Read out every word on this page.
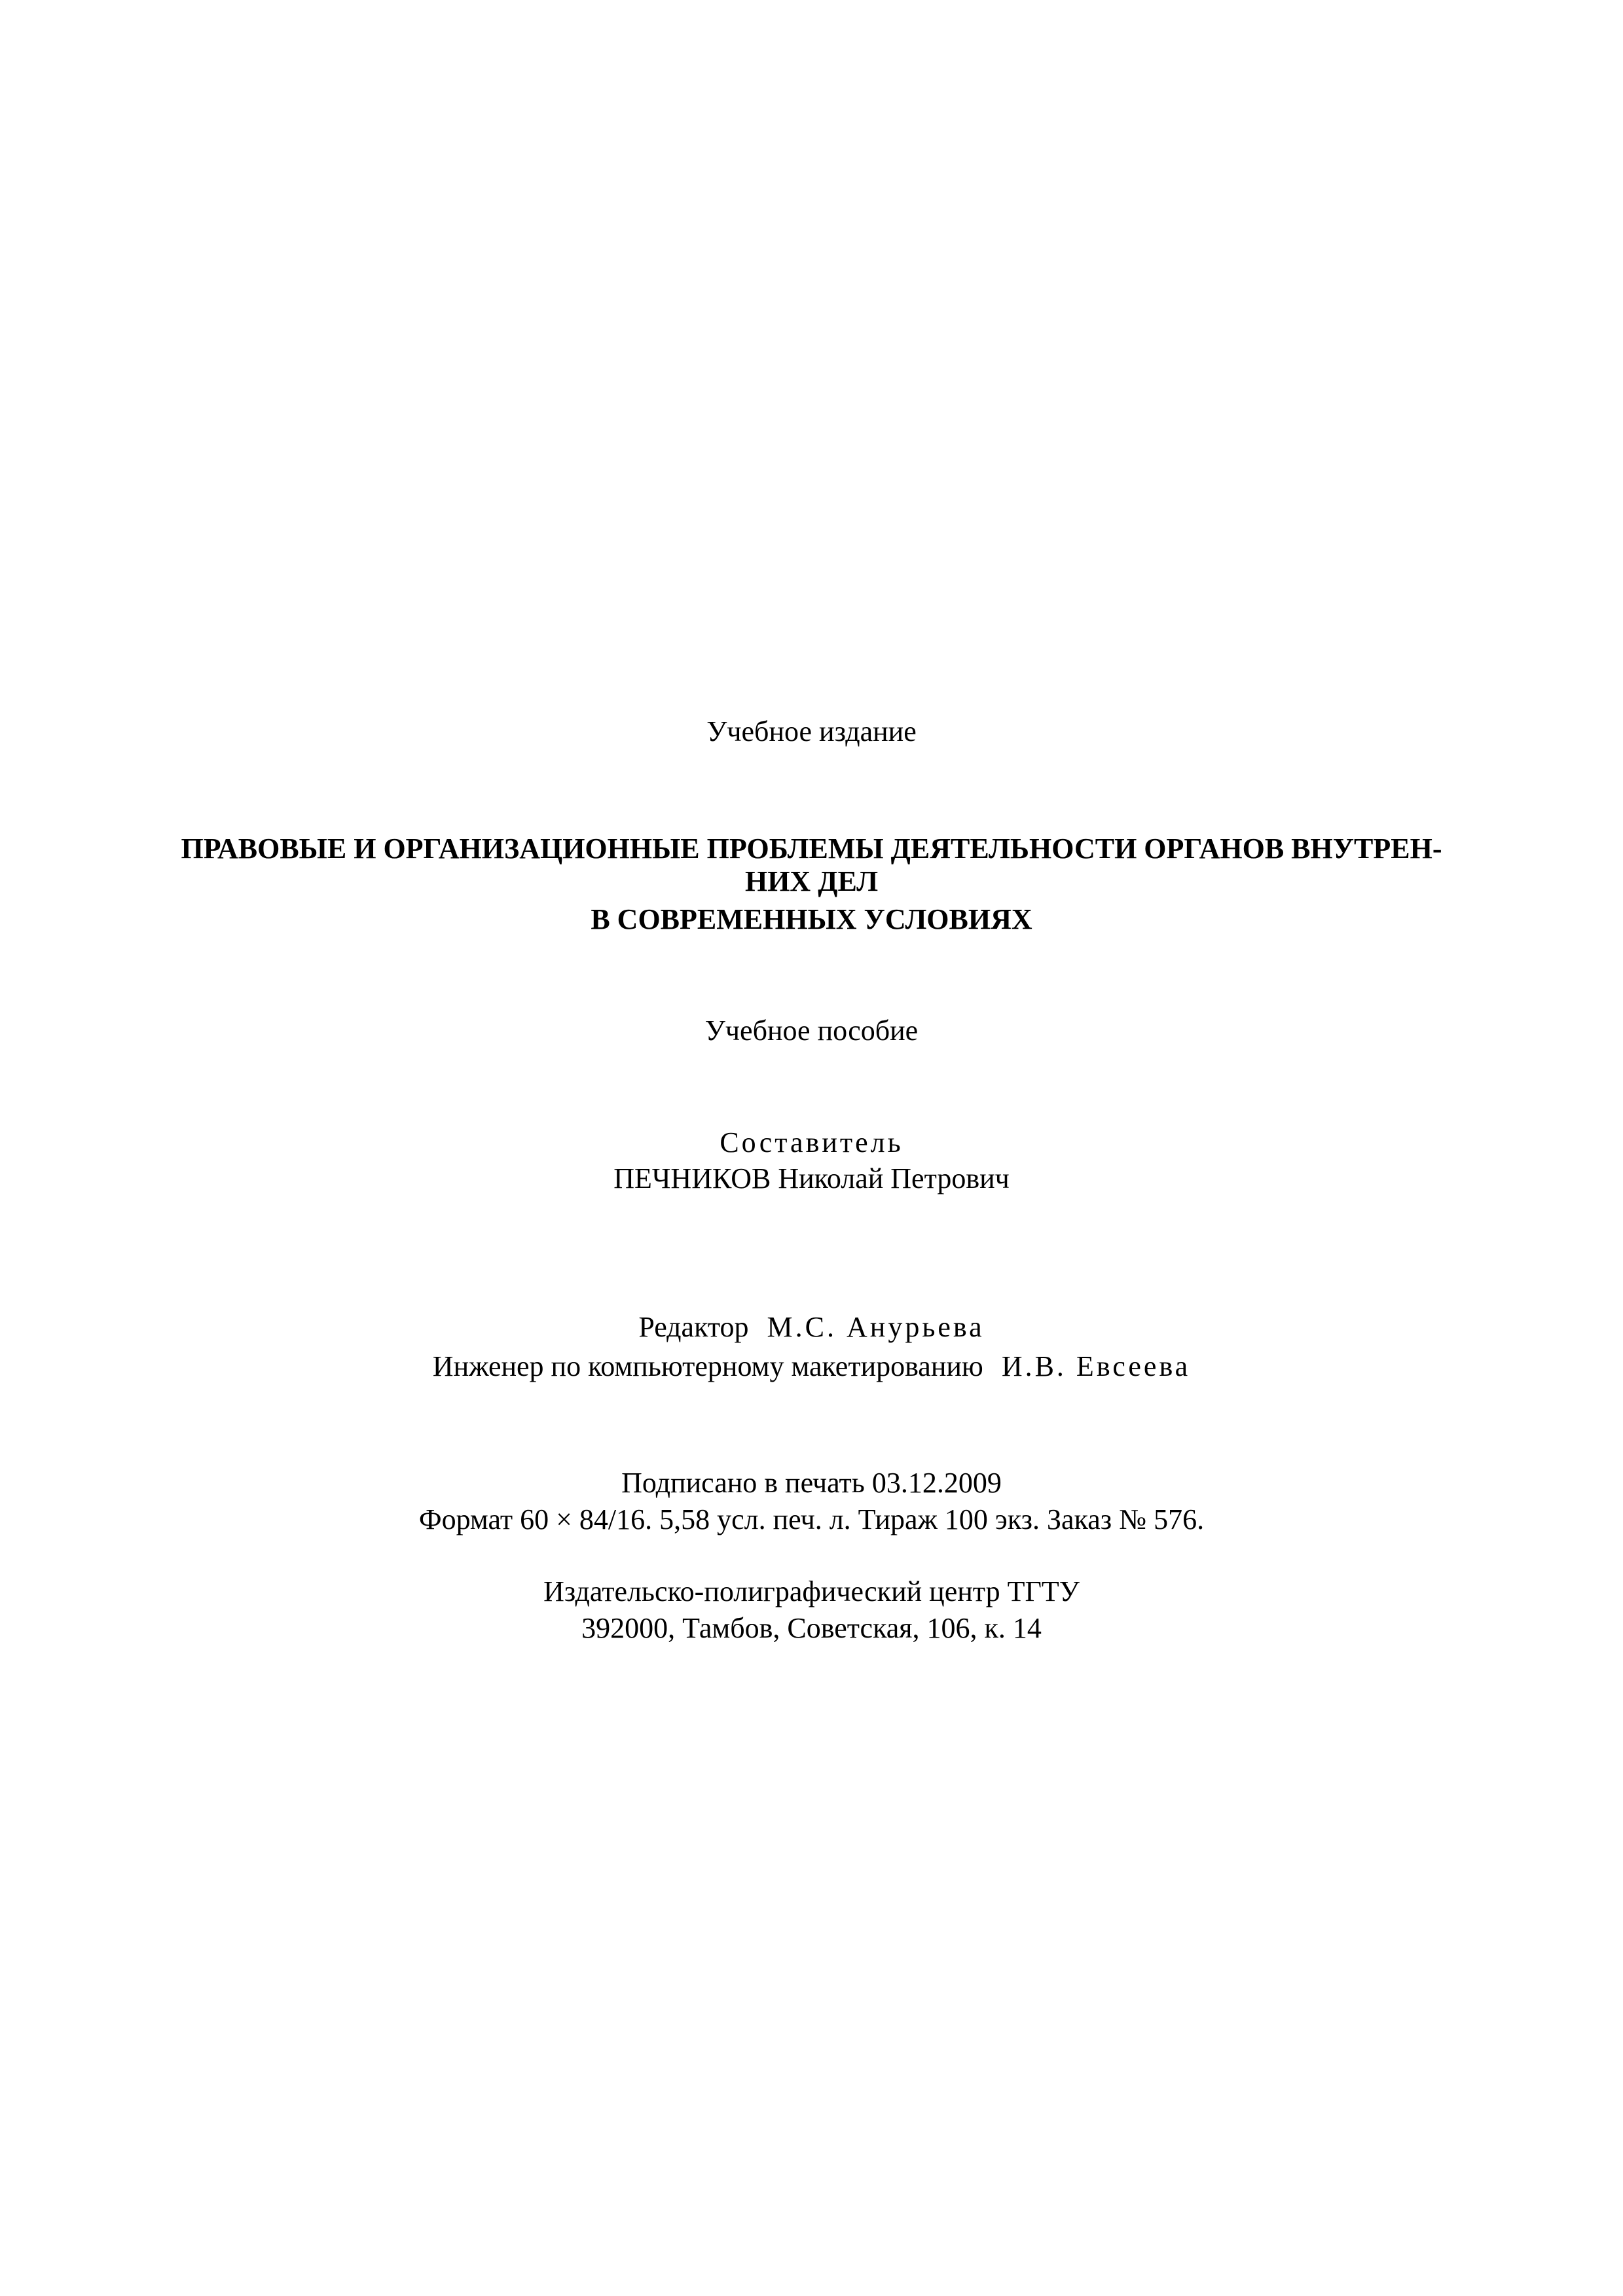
Учебное издание
ПРАВОВЫЕ И ОРГАНИЗАЦИОННЫЕ ПРОБЛЕМЫ ДЕЯТЕЛЬНОСТИ ОРГАНОВ ВНУТРЕН-
НИХ ДЕЛ
В СОВРЕМЕННЫХ УСЛОВИЯХ
Учебное пособие
Составитель
ПЕЧНИКОВ Николай Петрович
Редактор М.С. Анурьева
Инженер по компьютерному макетированию И.В. Евсеева
Подписано в печать 03.12.2009
Формат 60 × 84/16. 5,58 усл. печ. л. Тираж 100 экз. Заказ № 576.
Издательско-полиграфический центр ТГТУ
392000, Тамбов, Советская, 106, к. 14
